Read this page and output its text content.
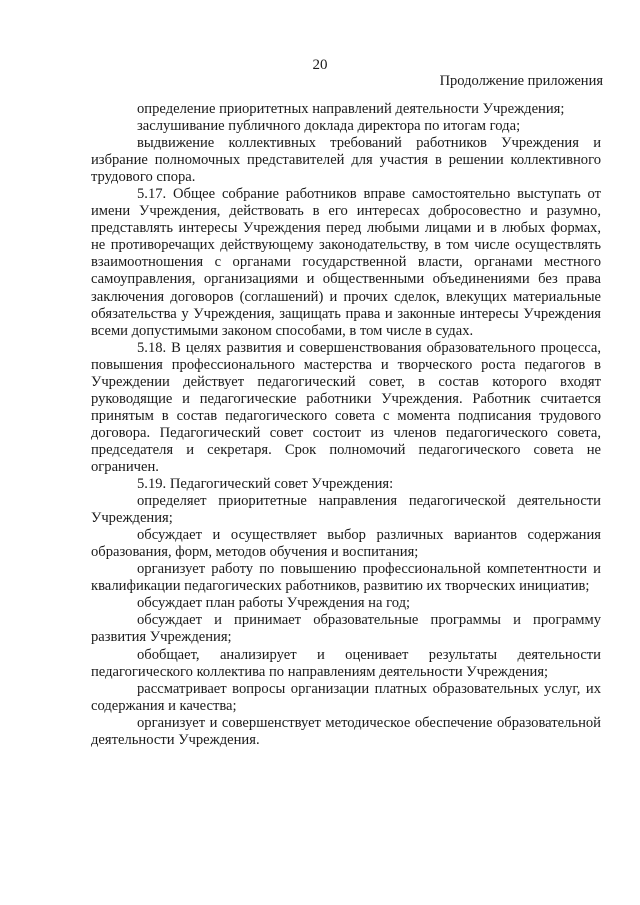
20
Продолжение приложения

определение приоритетных направлений деятельности Учреждения;

заслушивание публичного доклада директора по итогам года;

выдвижение коллективных требований работников Учреждения и избрание полномочных представителей для участия в решении коллективного трудового спора.

5.17. Общее собрание работников вправе самостоятельно выступать от имени Учреждения, действовать в его интересах добросовестно и разумно, представлять интересы Учреждения перед любыми лицами и в любых формах, не противоречащих действующему законодательству, в том числе осуществлять взаимоотношения с органами государственной власти, органами местного самоуправления, организациями и общественными объединениями без права заключения договоров (соглашений) и прочих сделок, влекущих материальные обязательства у Учреждения, защищать права и законные интересы Учреждения всеми допустимыми законом способами, в том числе в судах.

5.18. В целях развития и совершенствования образовательного процесса, повышения профессионального мастерства и творческого роста педагогов в Учреждении действует педагогический совет, в состав которого входят руководящие и педагогические работники Учреждения. Работник считается принятым в состав педагогического совета с момента подписания трудового договора. Педагогический совет состоит из членов педагогического совета, председателя и секретаря. Срок полномочий педагогического совета не ограничен.

5.19. Педагогический совет Учреждения:

определяет приоритетные направления педагогической деятельности Учреждения;

обсуждает и осуществляет выбор различных вариантов содержания образования, форм, методов обучения и воспитания;

организует работу по повышению профессиональной компетентности и квалификации педагогических работников, развитию их творческих инициатив;

обсуждает план работы Учреждения на год;

обсуждает и принимает образовательные программы и программу развития Учреждения;

обобщает, анализирует и оценивает результаты деятельности педагогического коллектива по направлениям деятельности Учреждения;

рассматривает вопросы организации платных образовательных услуг, их содержания и качества;

организует и совершенствует методическое обеспечение образовательной деятельности Учреждения.
